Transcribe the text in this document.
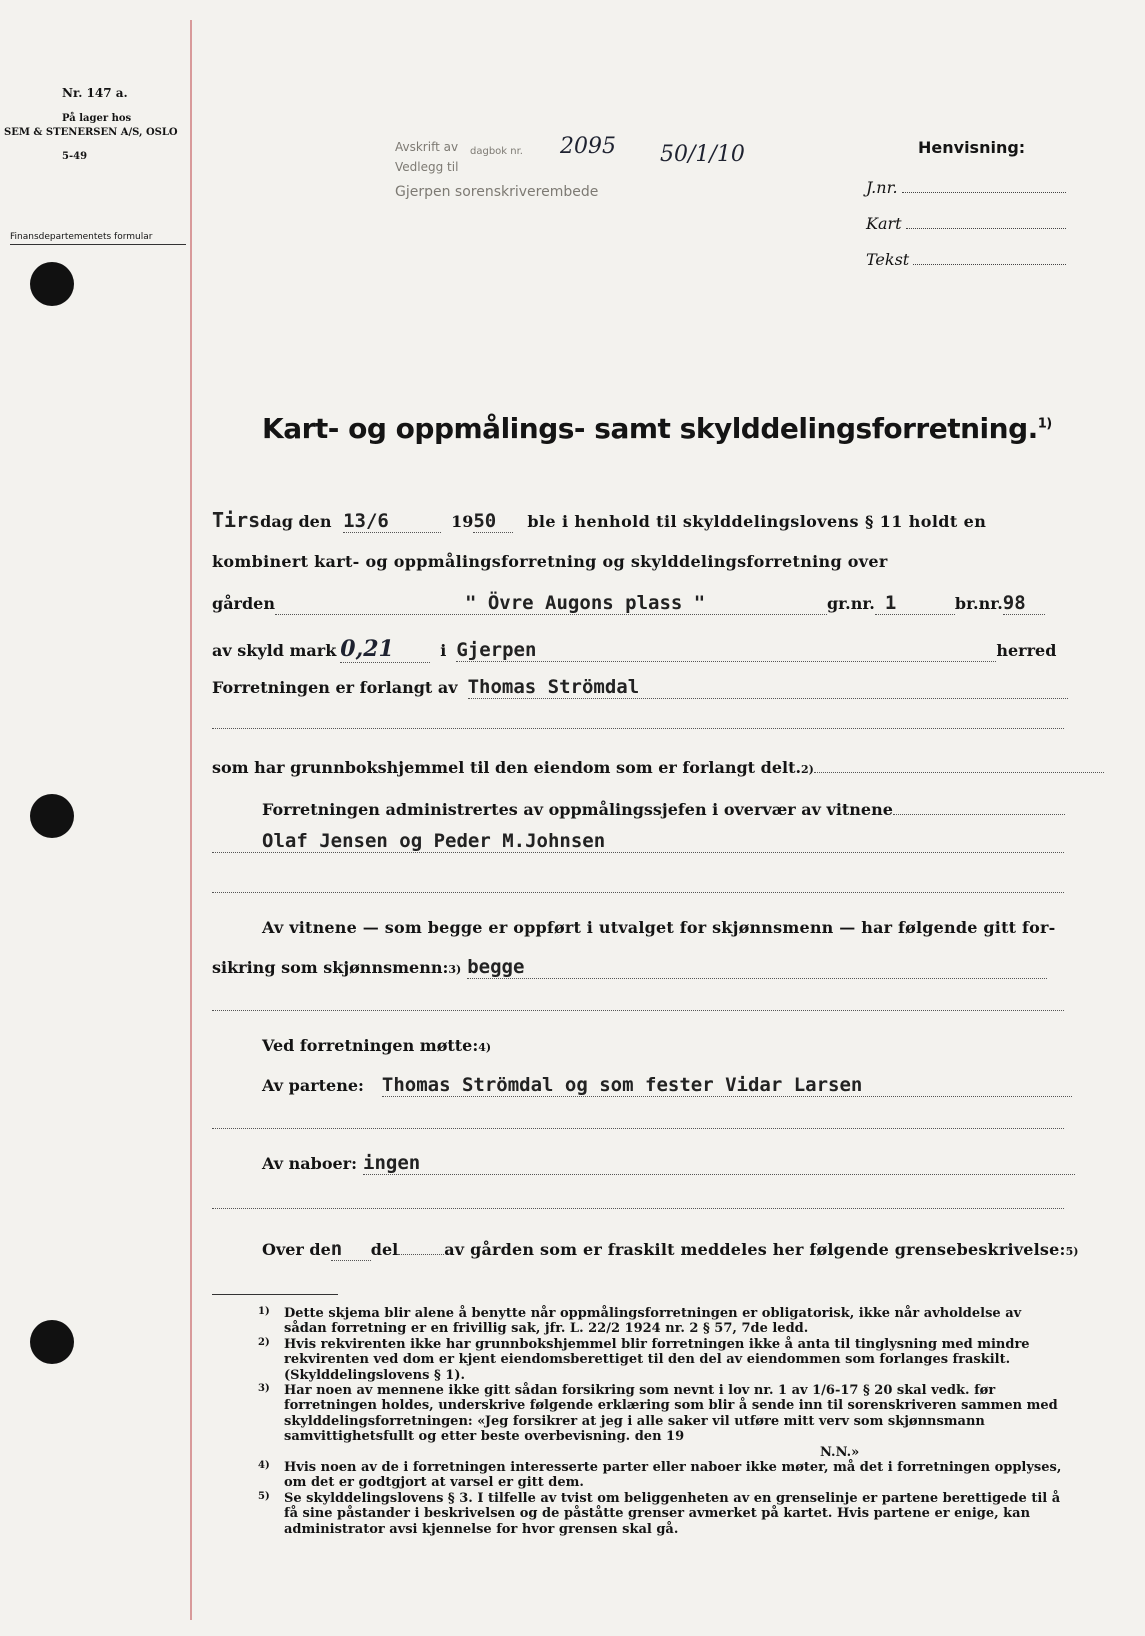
Nr. 147 a.
På lager hos
SEM & STENERSEN A/S, OSLO
5-49
Finansdepartementets formular
Avskrift av dagbok nr.
Vedlegg til
Gjerpen sorenskriverembede
2095 50/1/10	Henvisning:
J.nr.
Kart
Tekst
Kart- og oppmålings- samt skylddelingsforretning.$^{1)}$
Tirs dag den
13/6	19 50	ble i henhold til skylddelingslovens § 11 holdt en
kombinert kart- og oppmålingsforretning og skylddelingsforretning over
gården	" Övre Augons plass "	gr.nr. 1	br.nr. 98
av skyld mark 0,21	i Gjerpen	herred
Forretningen er forlangt av Thomas Strömdal
som har grunnbokshjemmel til den eiendom som er forlangt delt. 2)
Forretningen administrertes av oppmålingssjefen i overvær av vitnene
Olaf Jensen og Peder M.Johnsen
Av vitnene — som begge er oppført i utvalget for skjønnsmenn — har følgende gitt for-
sikring som skjønnsmenn: 3) begge
Ved forretningen møtte: 4)
Av partene: Thomas Strömdal og som fester Vidar Larsen
Av naboer: ingen
Over de n	del	av gården som er fraskilt meddeles her følgende grensebeskrivelse: 5)

1) Dette skjema blir alene å benytte når oppmålingsforretningen er obligatorisk, ikke når avholdelse av sådan forretning er en frivillig sak, jfr. L. 22/2 1924 nr. 2 § 57, 7de ledd.

2) Hvis rekvirenten ikke har grunnbokshjemmel blir forretningen ikke å anta til tinglysning med mindre rekvirenten ved dom er kjent eiendomsberettiget til den del av eiendommen som forlanges fraskilt. (Skylddelingslovens § 1).

3) Har noen av mennene ikke gitt sådan forsikring som nevnt i lov nr. 1 av 1/6-17 § 20 skal vedk. før forretningen holdes, underskrive følgende erklæring som blir å sende inn til sorenskriveren sammen med skylddelingsforretningen: «Jeg forsikrer at jeg i alle saker vil utføre mitt verv som skjønnsmann samvittighetsfullt og etter beste overbevisning. den 19

N.N.»

4) Hvis noen av de i forretningen interesserte parter eller naboer ikke møter, må det i forretningen opplyses, om det er godtgjort at varsel er gitt dem.

5) Se skylddelingslovens § 3. I tilfelle av tvist om beliggenheten av en grenselinje er partene berettigede til å få sine påstander i beskrivelsen og de påståtte grenser avmerket på kartet. Hvis partene er enige, kan administrator avsi kjennelse for hvor grensen skal gå.
